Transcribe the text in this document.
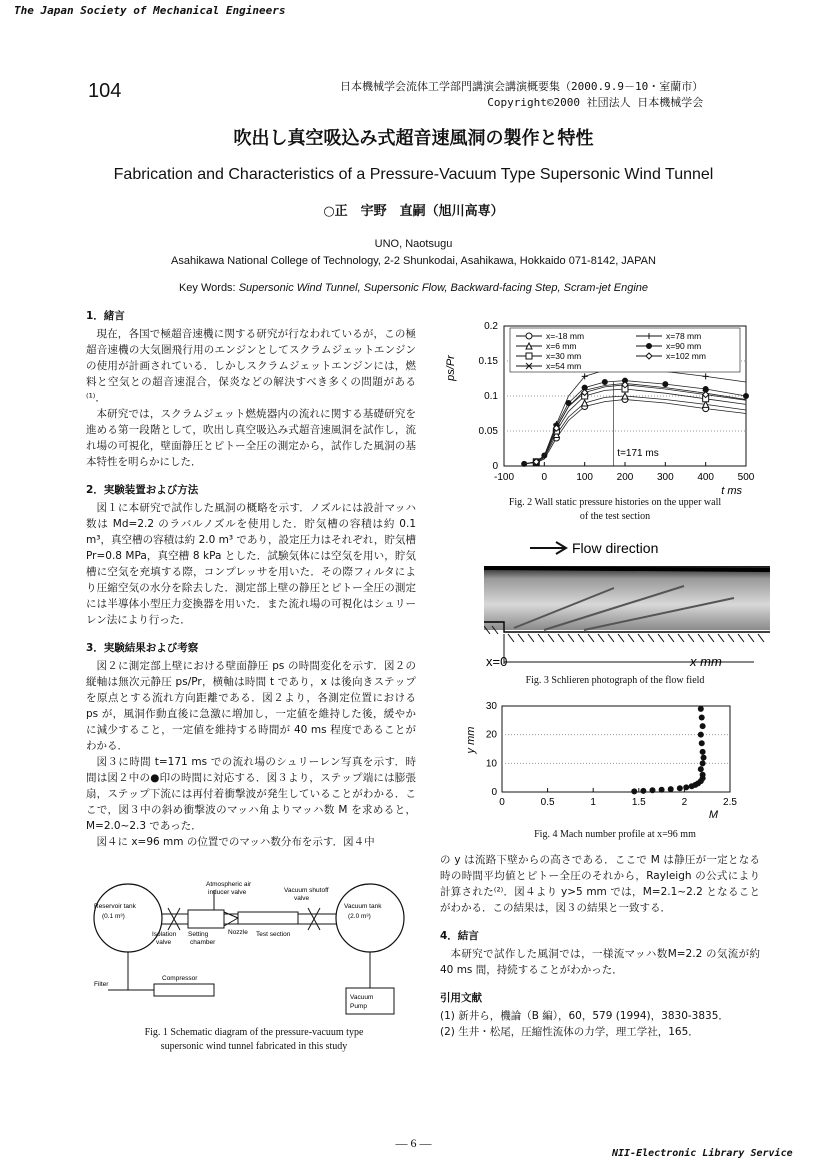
The Japan Society of Mechanical Engineers
104	日本機械学会流体工学部門講演会講演概要集（2000.9.9－10・室蘭市）
Copyright©2000 社団法人 日本機械学会
吹出し真空吸込み式超音速風洞の製作と特性
Fabrication and Characteristics of a Pressure-Vacuum Type Supersonic Wind Tunnel
○正　宇野　直嗣（旭川高専）
UNO, Naotsugu
Asahikawa National College of Technology, 2-2 Shunkodai, Asahikawa, Hokkaido 071-8142, JAPAN
Key Words: Supersonic Wind Tunnel, Supersonic Flow, Backward-facing Step, Scram-jet Engine
1．緒言

現在，各国で極超音速機に関する研究が行なわれているが，この極超音速機の大気圏飛行用のエンジンとしてスクラムジェットエンジンの使用が計画されている．しかしスクラムジェットエンジンには，燃料と空気との超音速混合，保炎などの解決すべき多くの問題がある⁽¹⁾．

本研究では，スクラムジェット燃焼器内の流れに関する基礎研究を進める第一段階として，吹出し真空吸込み式超音速風洞を試作し，流れ場の可視化，壁面静圧とピトー全圧の測定から，試作した風洞の基本特性を明らかにした．

2．実験装置および方法

図１に本研究で試作した風洞の概略を示す．ノズルには設計マッハ数は Md=2.2 のラバルノズルを使用した．貯気槽の容積は約 0.1 m³，真空槽の容積は約 2.0 m³ であり，設定圧力はそれぞれ，貯気槽 Pr=0.8 MPa，真空槽 8 kPa とした．試験気体には空気を用い，貯気槽に空気を充填する際，コンプレッサを用いた．その際フィルタにより圧縮空気の水分を除去した．測定部上壁の静圧とピトー全圧の測定には半導体小型圧力変換器を用いた．また流れ場の可視化はシュリーレン法により行った．

3．実験結果および考察

図２に測定部上壁における壁面静圧 ps の時間変化を示す．図２の縦軸は無次元静圧 ps/Pr，横軸は時間 t であり，x は後向きステップを原点とする流れ方向距離である．図２より，各測定位置における ps が，風洞作動直後に急激に増加し，一定値を維持した後，緩やかに減少すること，一定値を維持する時間が 40 ms 程度であることがわかる．

図３に時間 t=171 ms での流れ場のシュリーレン写真を示す．時間は図２中の●印の時間に対応する．図３より，ステップ端には膨張扇，ステップ下流には再付着衝撃波が発生していることがわかる．ここで，図３中の斜め衝撃波のマッハ角よりマッハ数 M を求めると，M=2.0~2.3 であった．

図４に x=96 mm の位置でのマッハ数分布を示す．図４中

Reservoir tank
(0.1 m³)
Vacuum tank
(2.0 m³)
Atmospheric air
inducer valve	Vacuum shutoff
valve
Isolation
valve
Setting
chamber
Nozzle Test section
Compressor
Filter
Vacuum
Pump
Fig. 1 Schematic diagram of the pressure-vacuum type
supersonic wind tunnel fabricated in this study
0
0.05
0.1
0.15
0.2
-100	0	100 200 300 400 500
ps/Pr
t ms
t=171 ms
x=-18 mm
x=6 mm
x=30 mm
x=54 mm
x=78 mm
x=90 mm
x=102 mm
Fig. 2 Wall static pressure histories on the upper wall
of the test section
Flow direction
x=0	x mm
Fig. 3 Schlieren photograph of the flow field
0
10
20
30
0	0.5	1	1.5	2	2.5
y mm
M
Fig. 4 Mach number profile at x=96 mm

の y は流路下壁からの高さである．ここで M は静圧が一定となる時の時間平均値とピトー全圧のそれから，Rayleigh の公式により計算された⁽²⁾．図４より y>5 mm では，M=2.1~2.2 となることがわかる．この結果は，図３の結果と一致する．

4．結言

本研究で試作した風洞では，一様流マッハ数M=2.2 の気流が約 40 ms 間，持続することがわかった．

引用文献
(1) 新井ら，機論（B 編），60，579 (1994)，3830-3835．
(2) 生井・松尾，圧縮性流体の力学，理工学社，165．
— 6 —
NII-Electronic Library Service
